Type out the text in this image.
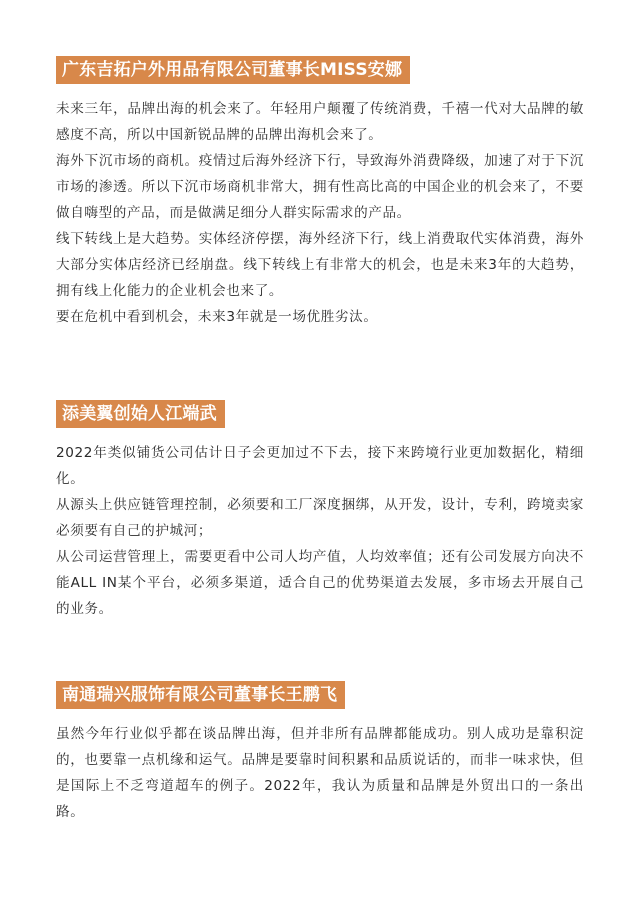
广东吉拓户外用品有限公司董事长MISS安娜

未来三年，品牌出海的机会来了。年轻用户颠覆了传统消费，千禧一代对大品牌的敏感度不高，所以中国新锐品牌的品牌出海机会来了。

海外下沉市场的商机。疫情过后海外经济下行，导致海外消费降级，加速了对于下沉市场的渗透。所以下沉市场商机非常大，拥有性高比高的中国企业的机会来了，不要做自嗨型的产品，而是做满足细分人群实际需求的产品。

线下转线上是大趋势。实体经济停摆，海外经济下行，线上消费取代实体消费，海外大部分实体店经济已经崩盘。线下转线上有非常大的机会，也是未来3年的大趋势，拥有线上化能力的企业机会也来了。

要在危机中看到机会，未来3年就是一场优胜劣汰。

添美翼创始人江端武

2022年类似铺货公司估计日子会更加过不下去，接下来跨境行业更加数据化，精细化。

从源头上供应链管理控制，必须要和工厂深度捆绑，从开发，设计，专利，跨境卖家必须要有自己的护城河；

从公司运营管理上，需要更看中公司人均产值，人均效率值；还有公司发展方向决不能ALL IN某个平台，必须多渠道，适合自己的优势渠道去发展，多市场去开展自己的业务。

南通瑞兴服饰有限公司董事长王鹏飞

虽然今年行业似乎都在谈品牌出海，但并非所有品牌都能成功。别人成功是靠积淀的，也要靠一点机缘和运气。品牌是要靠时间积累和品质说话的，而非一味求快，但是国际上不乏弯道超车的例子。2022年，我认为质量和品牌是外贸出口的一条出路。
